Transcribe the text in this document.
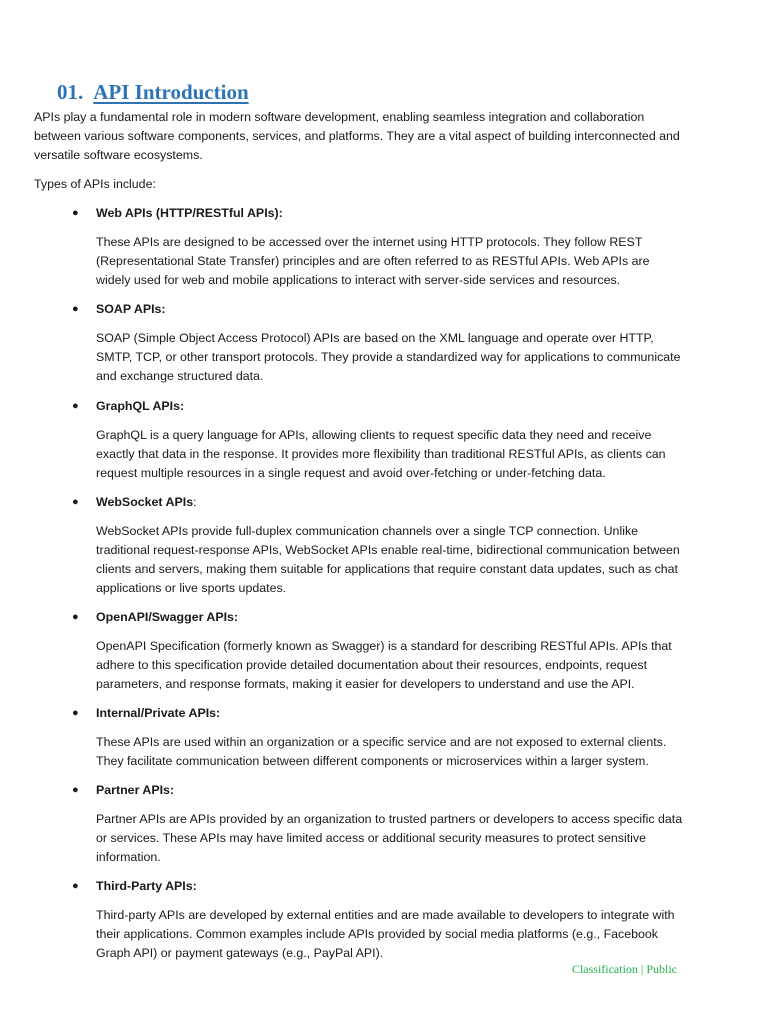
01. API Introduction

APIs play a fundamental role in modern software development, enabling seamless integration and collaboration between various software components, services, and platforms. They are a vital aspect of building interconnected and versatile software ecosystems.

Types of APIs include:

● Web APIs (HTTP/RESTful APIs):

These APIs are designed to be accessed over the internet using HTTP protocols. They follow REST (Representational State Transfer) principles and are often referred to as RESTful APIs. Web APIs are widely used for web and mobile applications to interact with server-side services and resources.

● SOAP APIs:

SOAP (Simple Object Access Protocol) APIs are based on the XML language and operate over HTTP, SMTP, TCP, or other transport protocols. They provide a standardized way for applications to communicate and exchange structured data.

● GraphQL APIs:

GraphQL is a query language for APIs, allowing clients to request specific data they need and receive exactly that data in the response. It provides more flexibility than traditional RESTful APIs, as clients can request multiple resources in a single request and avoid over-fetching or under-fetching data.

● WebSocket APIs:

WebSocket APIs provide full-duplex communication channels over a single TCP connection. Unlike traditional request-response APIs, WebSocket APIs enable real-time, bidirectional communication between clients and servers, making them suitable for applications that require constant data updates, such as chat applications or live sports updates.

● OpenAPI/Swagger APIs:

OpenAPI Specification (formerly known as Swagger) is a standard for describing RESTful APIs. APIs that adhere to this specification provide detailed documentation about their resources, endpoints, request parameters, and response formats, making it easier for developers to understand and use the API.

● Internal/Private APIs:

These APIs are used within an organization or a specific service and are not exposed to external clients. They facilitate communication between different components or microservices within a larger system.

● Partner APIs:

Partner APIs are APIs provided by an organization to trusted partners or developers to access specific data or services. These APIs may have limited access or additional security measures to protect sensitive information.

● Third-Party APIs:

Third-party APIs are developed by external entities and are made available to developers to integrate with their applications. Common examples include APIs provided by social media platforms (e.g., Facebook Graph API) or payment gateways (e.g., PayPal API).

Classification | Public
